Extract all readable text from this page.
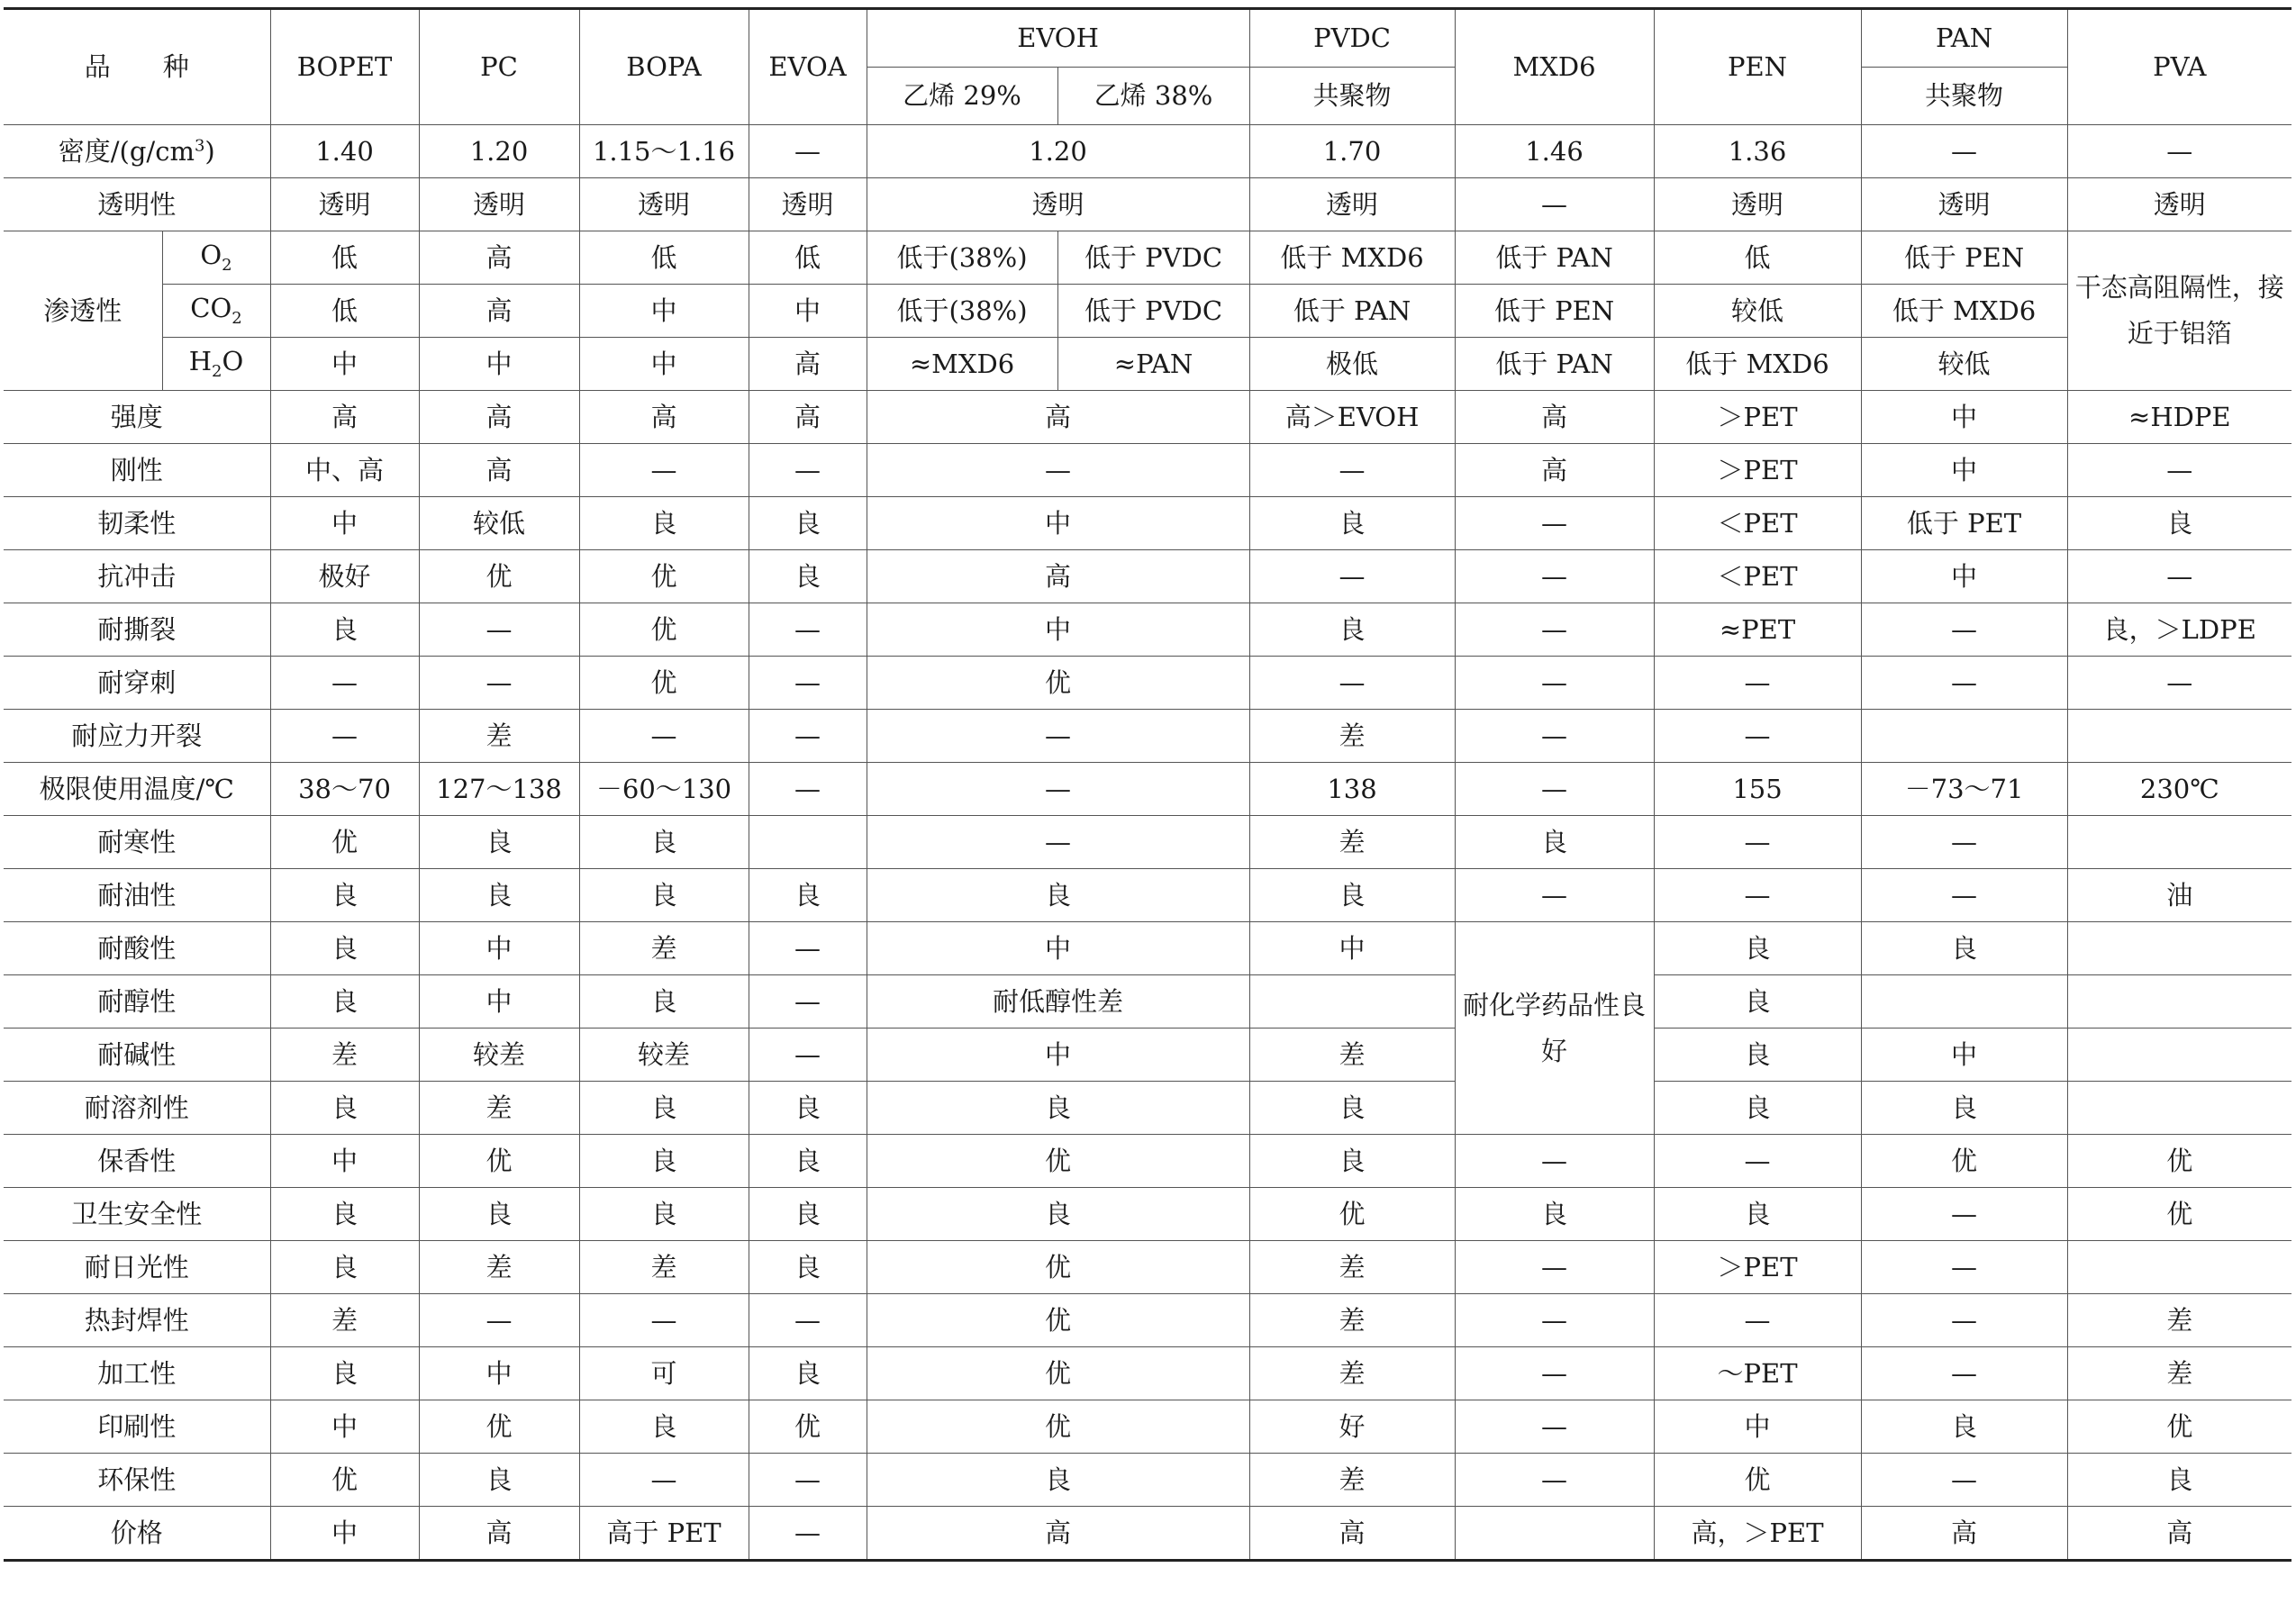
品　　种		BOPET	PC	BOPA	EVOA	EVOH		PVDC	MXD6	PEN	PAN	PVA
						乙烯 29%	乙烯 38%	共聚物			共聚物	
密度$/(g/cm^3)$		1.40	1.20	1.15～1.16	—	1.20		1.70	1.46	1.36	—	—
透明性		透明	透明	透明	透明	透明		透明	—	透明	透明	透明
渗透性	$O_2$	低	高	低	低	低于(38%)	低于 PVDC	低于 MXD6	低于 PAN	低	低于 PEN	干态高阻隔性，接近于铝箔
	$CO_2$	低	高	中	中	低于(38%)	低于 PVDC	低于 PAN	低于 PEN	较低	低于 MXD6	
	$H_2O$	中	中	中	高	≈MXD6	≈PAN	极低	低于 PAN	低于 MXD6	较低	
强度		高	高	高	高	高		高＞EVOH	高	＞PET	中	≈HDPE
刚性		中、高	高	—	—	—		—	高	＞PET	中	—
韧柔性		中	较低	良	良	中		良	—	＜PET	低于 PET	良
抗冲击		极好	优	优	良	高		—	—	＜PET	中	—
耐撕裂		良	—	优	—	中		良	—	≈PET	—	良，＞LDPE
耐穿刺		—	—	优	—	优		—	—	—	—	—
耐应力开裂		—	差	—	—	—		差	—	—		
极限使用温度/℃		38～70	127～138	－60～130	—	—		138	—	155	－73～71	230℃
耐寒性		优	良	良		—		差	良	—	—	
耐油性		良	良	良	良	良		良	—	—	—	油
耐酸性		良	中	差	—	中		中	耐化学药品性良好	良	良	
耐醇性		良	中	良	—	耐低醇性差				良		
耐碱性		差	较差	较差	—	中		差		良	中	
耐溶剂性		良	差	良	良	良		良		良	良	
保香性		中	优	良	良	优		良	—	—	优	优
卫生安全性		良	良	良	良	良		优	良	良	—	优
耐日光性		良	差	差	良	优		差	—	＞PET	—	
热封焊性		差	—	—	—	优		差	—	—	—	差
加工性		良	中	可	良	优		差	—	～PET	—	差
印刷性		中	优	良	优	优		好	—	中	良	优
环保性		优	良	—	—	良		差	—	优	—	良
价格		中	高	高于 PET	—	高		高		高，＞PET	高	高
